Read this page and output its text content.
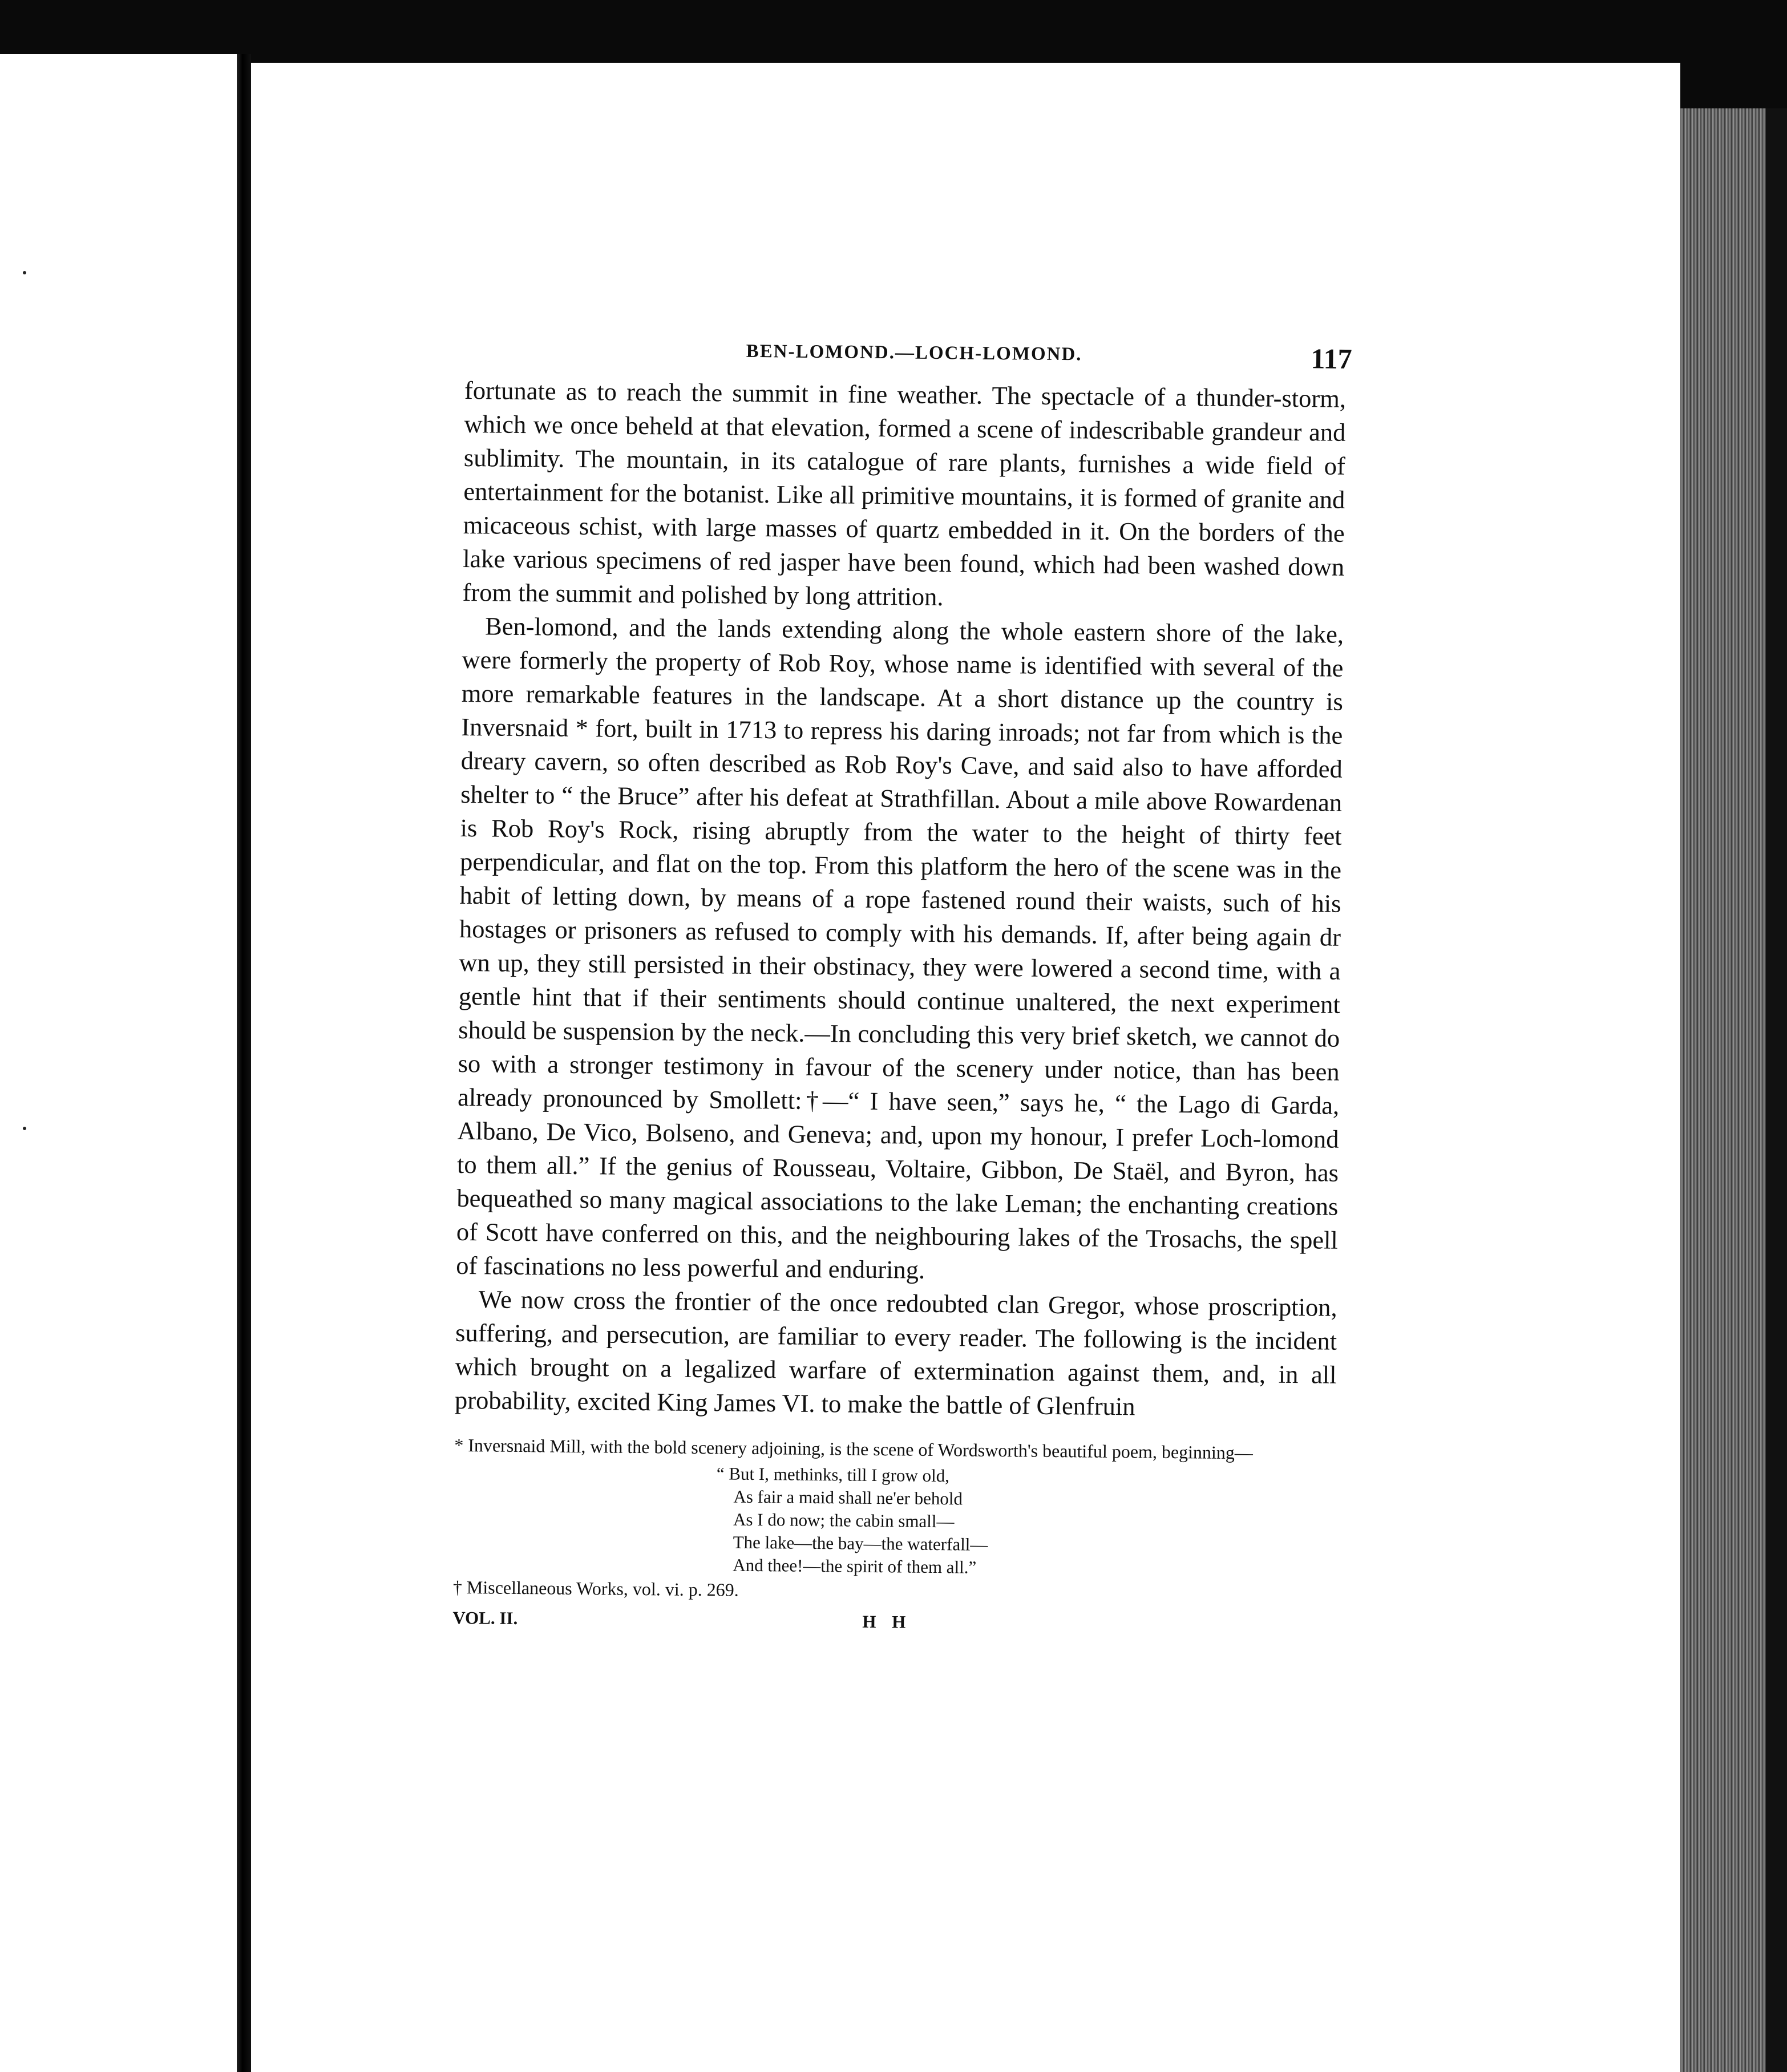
BEN-LOMOND.—LOCH-LOMOND.	117

fortunate as to reach the summit in fine weather. The spectacle of a thunder-storm, which we once beheld at that elevation, formed a scene of indescribable grandeur and sublimity. The mountain, in its catalogue of rare plants, furnishes a wide field of entertainment for the botanist. Like all primitive mountains, it is formed of granite and micaceous schist, with large masses of quartz embedded in it. On the borders of the lake various specimens of red jasper have been found, which had been washed down from the summit and polished by long attrition.

Ben-lomond, and the lands extending along the whole eastern shore of the lake, were formerly the property of Rob Roy, whose name is identified with several of the more remarkable features in the landscape. At a short distance up the country is Inversnaid * fort, built in 1713 to repress his daring inroads; not far from which is the dreary cavern, so often described as Rob Roy's Cave, and said also to have afforded shelter to “ the Bruce” after his defeat at Strathfillan. About a mile above Rowardenan is Rob Roy's Rock, rising abruptly from the water to the height of thirty feet perpendicular, and flat on the top. From this platform the hero of the scene was in the habit of letting down, by means of a rope fastened round their waists, such of his hostages or prisoners as refused to comply with his demands. If, after being again dr wn up, they still persisted in their obstinacy, they were lowered a second time, with a gentle hint that if their sentiments should continue unaltered, the next experiment should be suspension by the neck.—In concluding this very brief sketch, we cannot do so with a stronger testimony in favour of the scenery under notice, than has been already pronounced by Smollett:†—“ I have seen,” says he, “ the Lago di Garda, Albano, De Vico, Bolseno, and Geneva; and, upon my honour, I prefer Loch-lomond to them all.” If the genius of Rousseau, Voltaire, Gibbon, De Staël, and Byron, has bequeathed so many magical associations to the lake Leman; the enchanting creations of Scott have conferred on this, and the neighbouring lakes of the Trosachs, the spell of fascinations no less powerful and enduring.

We now cross the frontier of the once redoubted clan Gregor, whose proscription, suffering, and persecution, are familiar to every reader. The following is the incident which brought on a legalized warfare of extermination against them, and, in all probability, excited King James VI. to make the battle of Glenfruin

* Inversnaid Mill, with the bold scenery adjoining, is the scene of Wordsworth's beautiful poem, beginning—

“ But I, methinks, till I grow old,
As fair a maid shall ne'er behold
As I do now; the cabin small—
The lake—the bay—the waterfall—
And thee!—the spirit of them all.”

† Miscellaneous Works, vol. vi. p. 269.

VOL. II.	H H
